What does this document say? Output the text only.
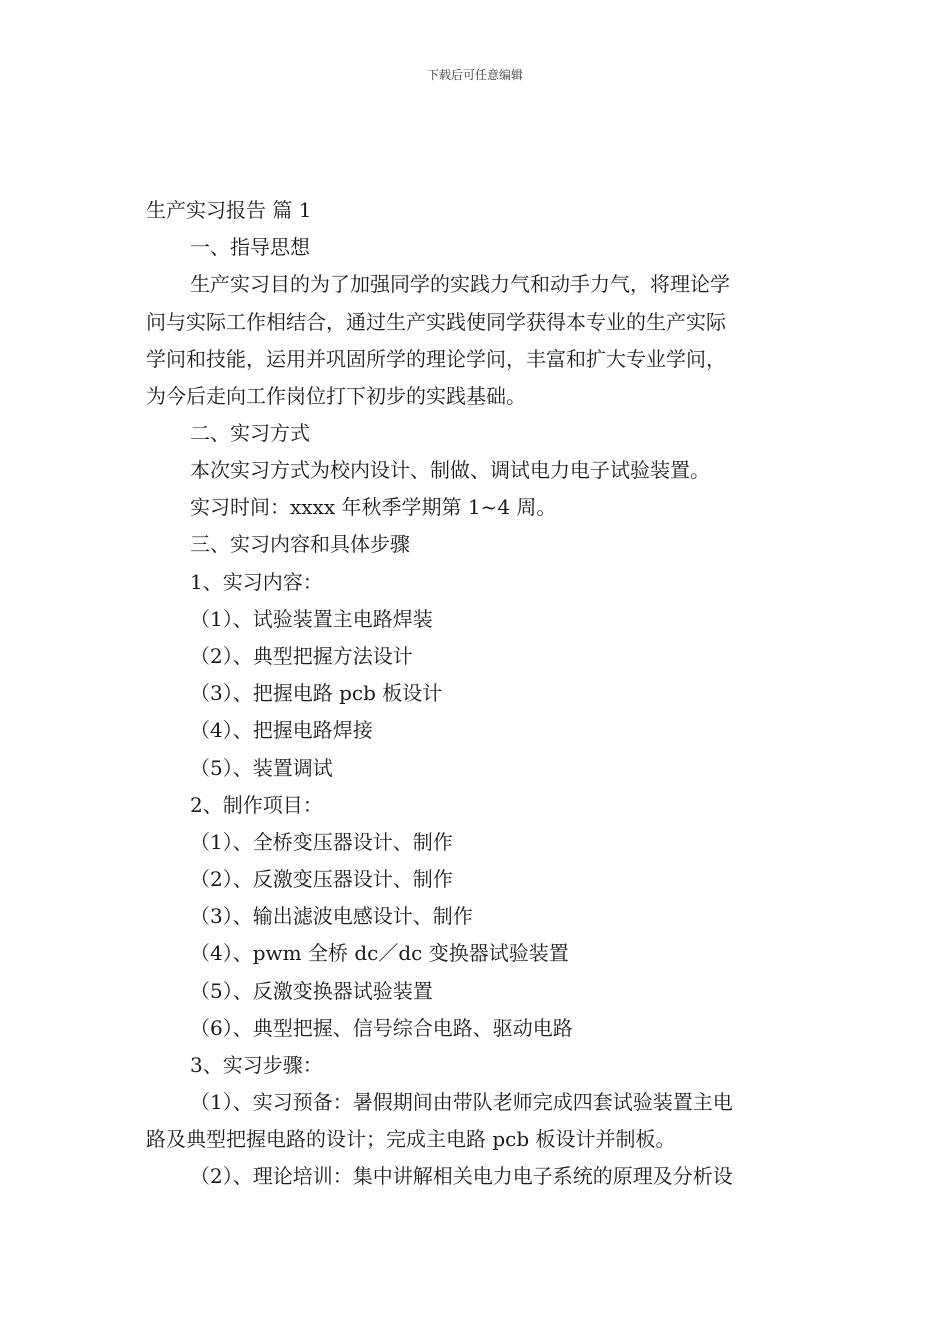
下载后可任意编辑
生产实习报告 篇 1
一、指导思想
生产实习目的为了加强同学的实践力气和动手力气，将理论学
问与实际工作相结合，通过生产实践使同学获得本专业的生产实际
学问和技能，运用并巩固所学的理论学问，丰富和扩大专业学问，
为今后走向工作岗位打下初步的实践基础。
二、实习方式
本次实习方式为校内设计、制做、调试电力电子试验装置。
实习时间：xxxx 年秋季学期第 1~4 周。
三、实习内容和具体步骤
1、实习内容：
（1）、试验装置主电路焊装
（2）、典型把握方法设计
（3）、把握电路 pcb 板设计
（4）、把握电路焊接
（5）、装置调试
2、制作项目：
（1）、全桥变压器设计、制作
（2）、反激变压器设计、制作
（3）、输出滤波电感设计、制作
（4）、pwm 全桥 dc／dc 变换器试验装置
（5）、反激变换器试验装置
（6）、典型把握、信号综合电路、驱动电路
3、实习步骤：
（1）、实习预备：暑假期间由带队老师完成四套试验装置主电
路及典型把握电路的设计；完成主电路 pcb 板设计并制板。
（2）、理论培训：集中讲解相关电力电子系统的原理及分析设
